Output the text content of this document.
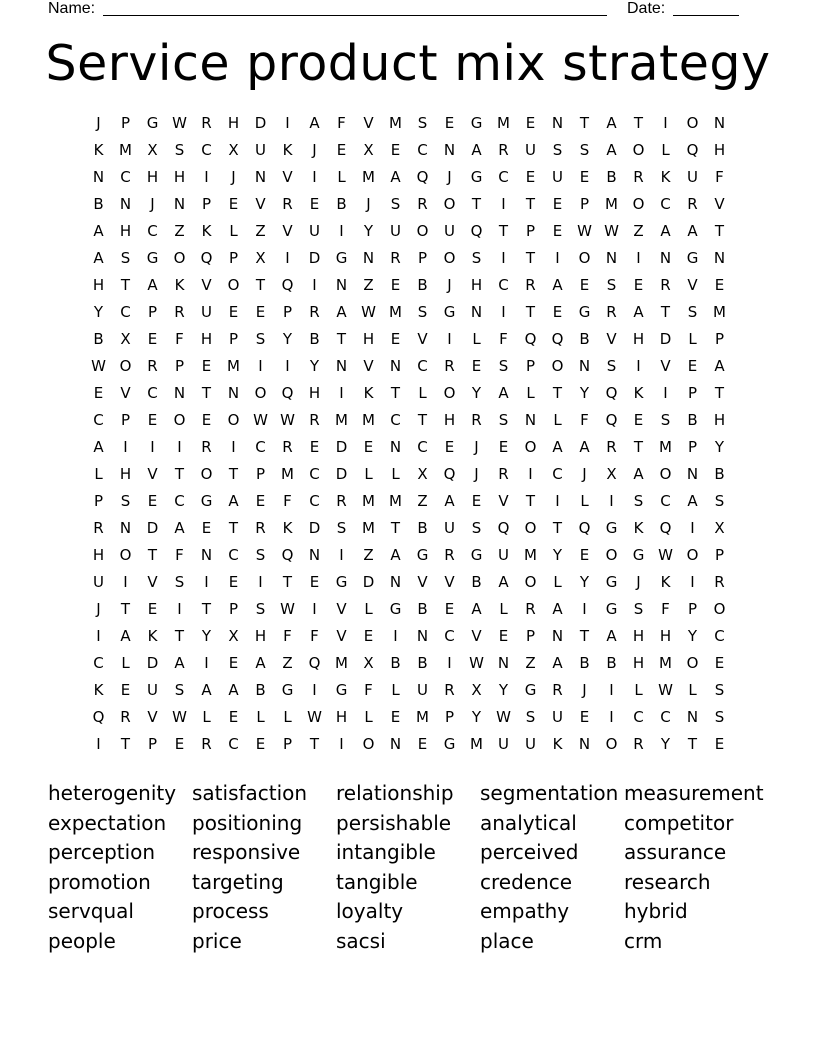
Name:	Date:
Service product mix strategy
J	P	G W R	H	D	I	A	F	V	M	S	E	G M	E	N	T	A	T	I	O	N
K	M	X	S	C	X	U	K	J	E	X	E	C	N	A	R	U	S	S	A	O	L	Q	H
N	C	H	H	I	J	N	V	I	L	M	A	Q	J	G	C	E	U	E	B	R	K	U	F
B	N	J	N	P	E	V	R	E	B	J	S	R	O	T	I	T	E	P	M O	C	R	V
A	H	C	Z	K	L	Z	V	U	I	Y	U	O	U	Q	T	P	E W W Z	A	A	T
A	S	G	O	Q	P	X	I	D	G	N	R	P	O	S	I	T	I	O	N	I	N	G	N
H	T	A	K	V	O	T	Q	I	N	Z	E	B	J	H	C	R	A	E	S	E	R	V	E
Y	C	P	R	U	E	E	P	R	A W M	S	G	N	I	T	E	G	R	A	T	S	M
B	X	E	F	H	P	S	Y	B	T	H	E	V	I	L	F	Q	Q	B	V	H	D	L	P
W O	R	P	E	M	I	I	Y	N	V	N	C	R	E	S	P	O	N	S	I	V	E	A
E	V	C	N	T	N	O	Q	H	I	K	T	L	O	Y	A	L	T	Y	Q	K	I	P	T
C	P	E	O	E	O W W R	M M	C	T	H	R	S	N	L	F	Q	E	S	B	H
A	I	I	I	R	I	C	R	E	D	E	N	C	E	J	E	O	A	A	R	T	M	P	Y
L	H	V	T	O	T	P	M	C	D	L	L	X	Q	J	R	I	C	J	X	A	O	N	B
P	S	E	C	G	A	E	F	C	R	M M	Z	A	E	V	T	I	L	I	S	C	A	S
R	N	D	A	E	T	R	K	D	S	M	T	B	U	S	Q	O	T	Q	G	K	Q	I	X
H	O	T	F	N	C	S	Q	N	I	Z	A	G	R	G	U	M	Y	E	O	G W O	P
U	I	V	S	I	E	I	T	E	G	D	N	V	V	B	A	O	L	Y	G	J	K	I	R
J	T	E	I	T	P	S W	I	V	L	G	B	E	A	L	R	A	I	G	S	F	P	O
I	A	K	T	Y	X	H	F	F	V	E	I	N	C	V	E	P	N	T	A	H	H	Y	C
C	L	D	A	I	E	A	Z	Q M	X	B	B	I	W N	Z	A	B	B	H M O	E
K	E	U	S	A	A	B	G	I	G	F	L	U	R	X	Y	G	R	J	I	L	W	L	S
Q	R	V W	L	E	L	L	W H	L	E	M	P	Y	W S	U	E	I	C	C	N	S
I	T	P	E	R	C	E	P	T	I	O	N	E	G M	U	U	K	N	O	R	Y	T	E
heterogenity satisfaction	relationship	segmentation measurement
expectation	positioning	persishable	analytical	competitor
perception	responsive	intangible	perceived	assurance
promotion	targeting	tangible	credence	research
servqual	process	loyalty	empathy	hybrid
people	price	sacsi	place	crm
